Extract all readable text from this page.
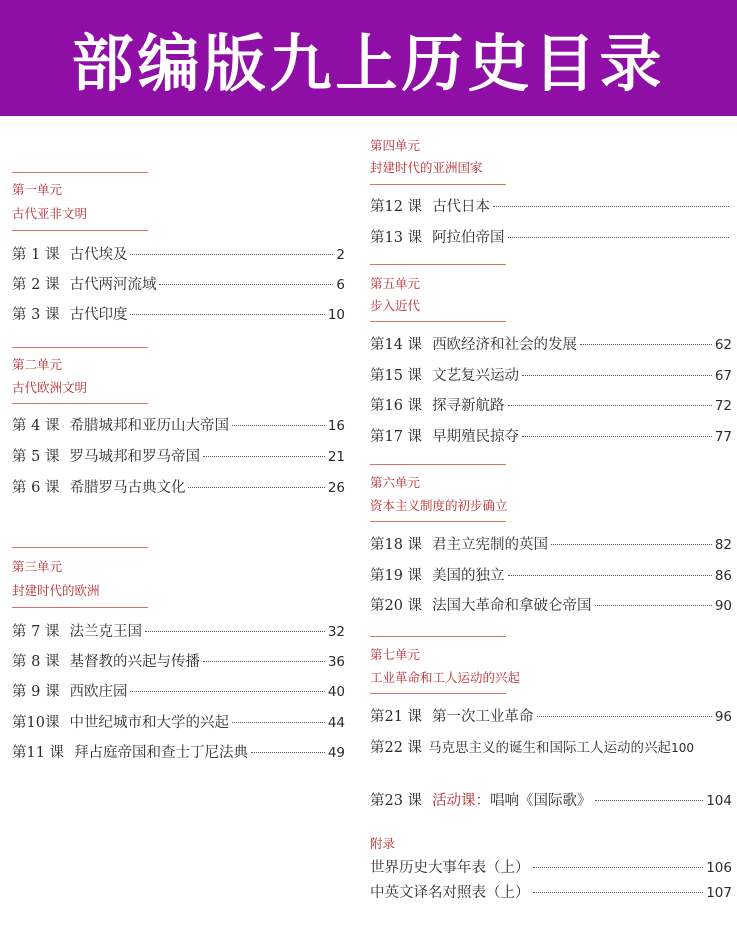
部编版九上历史目录
第一单元
古代亚非文明
第 1 课 古代埃及	2
第 2 课 古代两河流域	6
第 3 课 古代印度	10
第二单元
古代欧洲文明
第 4 课 希腊城邦和亚历山大帝国	16
第 5 课 罗马城邦和罗马帝国	21
第 6 课 希腊罗马古典文化	26
第三单元
封建时代的欧洲
第 7 课 法兰克王国	32
第 8 课 基督教的兴起与传播	36
第 9 课 西欧庄园	40
第10课 中世纪城市和大学的兴起	44
第11 课 拜占庭帝国和查士丁尼法典	49
第四单元
封建时代的亚洲国家
第12 课 古代日本
第13 课 阿拉伯帝国
第五单元
步入近代
第14 课 西欧经济和社会的发展	62
第15 课 文艺复兴运动	67
第16 课 探寻新航路	72
第17 课 早期殖民掠夺	77
第六单元
资本主义制度的初步确立
第18 课 君主立宪制的英国	82
第19 课 美国的独立	86
第20 课 法国大革命和拿破仑帝国	90
第七单元
工业革命和工人运动的兴起
第21 课 第一次工业革命	96
第22 课 马克思主义的诞生和国际工人运动的兴起 100
第23 课 活动课： 唱响《国际歌》	104
附录
世界历史大事年表（上）	106
中英文译名对照表（上）	107
